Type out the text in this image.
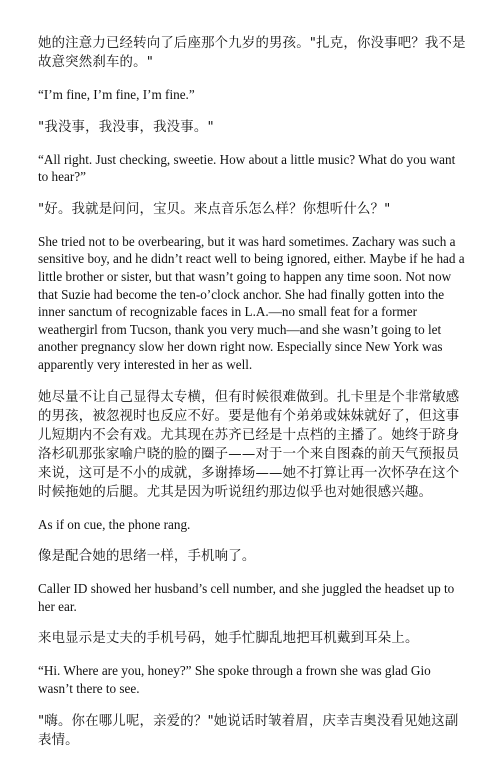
她的注意力已经转向了后座那个九岁的男孩。"扎克，你没事吧？我不是故意突然刹车的。"

“I’m fine, I’m fine, I’m fine.”

"我没事，我没事，我没事。"

“All right. Just checking, sweetie. How about a little music? What do you want to hear?”

"好。我就是问问，宝贝。来点音乐怎么样？你想听什么？"

She tried not to be overbearing, but it was hard sometimes. Zachary was such a sensitive boy, and he didn’t react well to being ignored, either. Maybe if he had a little brother or sister, but that wasn’t going to happen any time soon. Not now that Suzie had become the ten-o’clock anchor. She had finally gotten into the inner sanctum of recognizable faces in L.A.—no small feat for a former weathergirl from Tucson, thank you very much—and she wasn’t going to let another pregnancy slow her down right now. Especially since New York was apparently very interested in her as well.

她尽量不让自己显得太专横，但有时候很难做到。扎卡里是个非常敏感的男孩，被忽视时也反应不好。要是他有个弟弟或妹妹就好了，但这事儿短期内不会有戏。尤其现在苏齐已经是十点档的主播了。她终于跻身洛杉矶那张家喻户晓的脸的圈子——对于一个来自图森的前天气预报员来说，这可是不小的成就，多谢捧场——她不打算让再一次怀孕在这个时候拖她的后腿。尤其是因为听说纽约那边似乎也对她很感兴趣。

As if on cue, the phone rang.

像是配合她的思绪一样，手机响了。

Caller ID showed her husband’s cell number, and she juggled the headset up to her ear.

来电显示是丈夫的手机号码，她手忙脚乱地把耳机戴到耳朵上。

“Hi. Where are you, honey?” She spoke through a frown she was glad Gio wasn’t there to see.

"嗨。你在哪儿呢，亲爱的？"她说话时皱着眉，庆幸吉奥没看见她这副表情。
